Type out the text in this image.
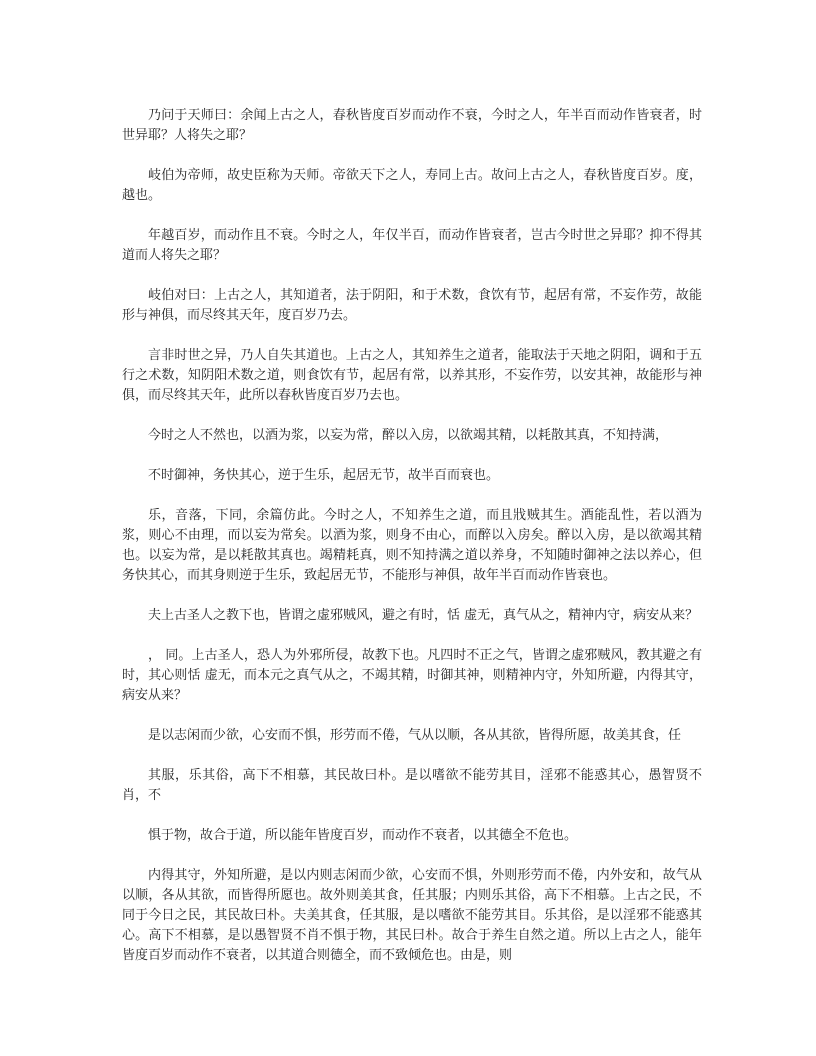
乃问于天师曰：余闻上古之人，春秋皆度百岁而动作不衰，今时之人，年半百而动作皆衰者，时世异耶？人将失之耶？

岐伯为帝师，故史臣称为天师。帝欲天下之人，寿同上古。故问上古之人，春秋皆度百岁。度，越也。

年越百岁，而动作且不衰。今时之人，年仅半百，而动作皆衰者，岂古今时世之异耶？抑不得其道而人将失之耶？

岐伯对曰：上古之人，其知道者，法于阴阳，和于术数，食饮有节，起居有常，不妄作劳，故能形与神俱，而尽终其天年，度百岁乃去。

言非时世之异，乃人自失其道也。上古之人，其知养生之道者，能取法于天地之阴阳，调和于五行之术数，知阴阳术数之道，则食饮有节，起居有常，以养其形，不妄作劳，以安其神，故能形与神俱，而尽终其天年，此所以春秋皆度百岁乃去也。

今时之人不然也，以酒为浆，以妄为常，醉以入房，以欲竭其精，以耗散其真，不知持满，

不时御神，务快其心，逆于生乐，起居无节，故半百而衰也。

乐，音落，下同，余篇仿此。今时之人，不知养生之道，而且戕贼其生。酒能乱性，若以酒为浆，则心不由理，而以妄为常矣。以酒为浆，则身不由心，而醉以入房矣。醉以入房，是以欲竭其精也。以妄为常，是以耗散其真也。竭精耗真，则不知持满之道以养身，不知随时御神之法以养心，但务快其心，而其身则逆于生乐，致起居无节，不能形与神俱，故年半百而动作皆衰也。

夫上古圣人之教下也，皆谓之虚邪贼风，避之有时，恬 虚无，真气从之，精神内守，病安从来？

， 同。上古圣人，恐人为外邪所侵，故教下也。凡四时不正之气，皆谓之虚邪贼风，教其避之有时，其心则恬 虚无，而本元之真气从之，不竭其精，时御其神，则精神内守，外知所避，内得其守，病安从来？

是以志闲而少欲，心安而不惧，形劳而不倦，气从以顺，各从其欲，皆得所愿，故美其食，任

其服，乐其俗，高下不相慕，其民故曰朴。是以嗜欲不能劳其目，淫邪不能惑其心，愚智贤不肖，不

惧于物，故合于道，所以能年皆度百岁，而动作不衰者，以其德全不危也。

内得其守，外知所避，是以内则志闲而少欲，心安而不惧，外则形劳而不倦，内外安和，故气从以顺，各从其欲，而皆得所愿也。故外则美其食，任其服；内则乐其俗，高下不相慕。上古之民，不同于今日之民，其民故曰朴。夫美其食，任其服，是以嗜欲不能劳其目。乐其俗，是以淫邪不能惑其心。高下不相慕，是以愚智贤不肖不惧于物，其民曰朴。故合于养生自然之道。所以上古之人，能年皆度百岁而动作不衰者，以其道合则德全，而不致倾危也。由是，则
